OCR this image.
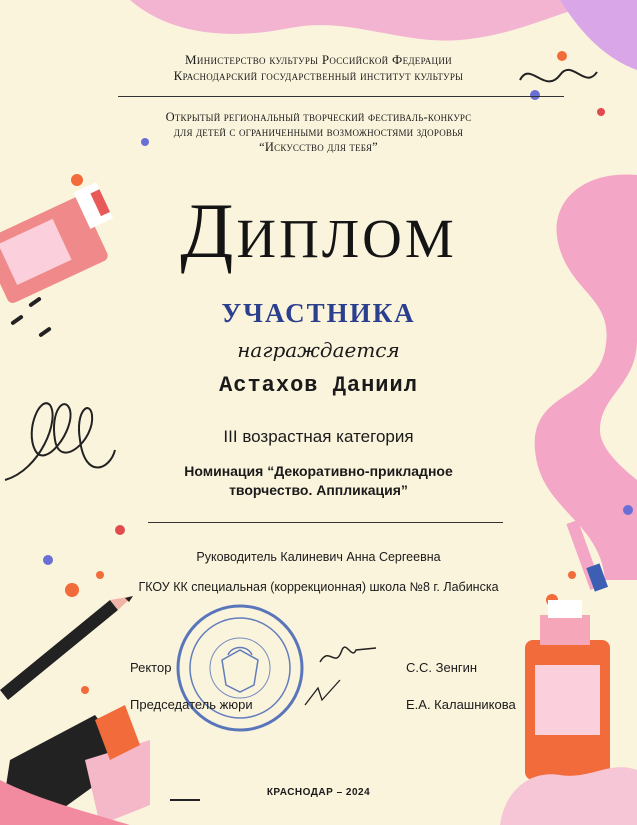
Министерство культуры Российской Федерации
Краснодарский государственный институт культуры
Открытый региональный творческий фестиваль-конкурс
для детей с ограниченными возможностями здоровья
“Искусство для тебя”
Диплом
УЧАСТНИКА
награждается
Астахов Даниил
III возрастная категория
Номинация “Декоративно-прикладное
творчество. Аппликация”
Руководитель Калиневич Анна Сергеевна
ГКОУ КК специальная (коррекционная) школа №8 г. Лабинска
Ректор	С.С. Зенгин
Председатель жюри	Е.А. Калашникова
КРАСНОДАР – 2024
